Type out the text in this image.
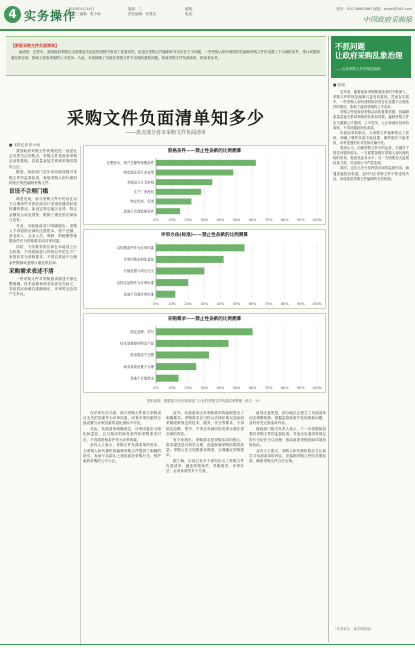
4 实务操作
2010年4月14日
星期三 编辑：张小雨
版面：二
责任编辑：孙建光
邮箱：
电话：
热线：010-58862863 邮箱：ptpm@163.com
中国政府采购报
【新版采购文件负面清单】
编者按：近些年，我国政府采购在全面推进法治化的进程中取得了显著成效，但是在采购文件编制环节仍存在不少问题，一些采购人和代理机构在编制采购文件时设置了不合理的条件，排斥或限制潜在供应商，影响了政府采购的公平竞争。为此，本报梳理了各地在采购文件中出现的典型问题，形成采购文件负面清单，供读者参考。
采购文件负面清单知多少
——盘点部分省市采购文件负面清单
■ 本报记者 张小雨

我国政府采购文件的规范性一直是社会各界关注的焦点，采购文件是政府采购活动的基础，其质量直接关系到采购结果的公正。

据悉，财政部门近年来持续加强对采购文件的监督检查，督促采购人和代理机构依法规范编制采购文件。

首设不合理门槛

调查发现，部分采购文件中仍存在以不合理条件对供应商实行差别待遇或歧视待遇的情况，如设定特定地区业绩、特定金额的合同业绩等，限制了潜在供应商参与竞争。

对此，多地财政部门明确提出，采购人不得将供应商的注册资本、资产总额、营业收入、从业人员、利润、纳税额等规模条件作为资格要求或评审因素。

同时，不得要求供应商在本地设立分支机构，不得将除进口货物以外的生产厂家授权作为资格要求，不得以其他不合理条件限制或者排斥潜在供应商。

采购需求表述不清

一些采购文件对采购需求描述不够完整明确，技术参数和商务条款存在歧义，导致供应商难以准确响应，评审时也容易产生争议。

资料来源：根据部分省市财政部门公布的采购文件负面清单整理（单位：%）
资格条件——禁止性条款的比例测算
0%	10%	20%	30%	40%	50%	60%	70%	80%	90% 100%
注册资本、资产总额等规模条件
特定地区或行业业绩
本地设立分支机构
生产厂家授权
特定奖项、荣誉
其他不合理资格条件
评审办法(标准)——禁止性条款的比例测算
0%	10%	20%	30%	40%	50%	60%	70%	80%	90% 100%
以规模条件作为评审因素
评审因素未细化量化
分值设置与项目无关
以特定品牌作为评审标准
其他不合理评审标准
采购需求——禁止性条款的比例测算
0%	10%	20%	30%	40%	50%	60%	70%	80%	90% 100%
指定品牌、型号
技术参数倾向特定产品
需求描述不完整
商务条款设置不合理
其他不合理需求

在评审办法方面，部分采购文件将与采购项目无关的因素作为评审因素，或者评审因素的分值设置与评审因素的量化指标不对应。

对此，负面清单明确规定，评审因素应当细化和量化，且与相应的商务条件和采购需求对应，不得将资格条件作为评审因素。

业内人士表示，采购文件负面清单的发布，为采购人和代理机构编制采购文件提供了明确的指引，有助于从源头上规范政府采购行为，维护政府采购的公平公正。

此外，负面清单还对采购需求的编制提出了明确要求。采购需求应当符合法律法规以及政府采购政策规定的技术、服务、安全等要求，不得指定品牌、型号，不得含有倾向性或排斥潜在供应商的内容。

有专家指出，采购需求是采购活动的核心，需求描述是否科学合理，直接影响采购结果的质量。采购人应当加强需求调查，合理确定采购需求。

据了解，目前已有多个省份出台了采购文件负面清单，涵盖资格条件、采购需求、评审办法、合同条款等多个方面。

值得注意的是，部分地区还建立了负面清单动态调整机制，根据监督检查中发现的新问题，及时补充完善清单内容。

财政部门相关负责人表示，下一步将继续加强对采购文件的监督检查，对违反负面清单规定的行为依法予以处理，推动政府采购营商环境持续优化。

业内人士建议，采购人和代理机构应当认真学习负面清单的内容，在编制采购文件时对照检查，确保采购文件合法合规。

不抓问题
让政府采购乱象治理
——也谈采购文件的规范编制
■ 张明

近年来，随着政府采购制度改革的不断深入，采购文件的规范编制日益受到重视。然而在实践中，一些采购人和代理机构仍然存在设置不合理条件的情况，影响了政府采购的公平竞争。

采购文件是政府采购活动的重要依据，其编制质量直接关系到采购的效率和效果。编制采购文件应当遵循公开透明、公平竞争、公正和诚实信用的原则，不得设置歧视性条款。

负面清单的推出，为采购文件编制划定了底线，明确了哪些条款不能设置，哪些做法不能采用，具有很强的针对性和可操作性。

笔者认为，治理采购文件中的乱象，关键在于抓住问题的源头。一方面要加强对采购人和代理机构的培训，提高其业务水平；另一方面要加大监督检查力度，对违规行为严肃处理。

同时，还应当充分发挥供应商的监督作用，畅通质疑投诉渠道，及时纠正采购文件中的违规内容，形成规范采购文件编制的长效机制。

（作者单位：某市财政局）
